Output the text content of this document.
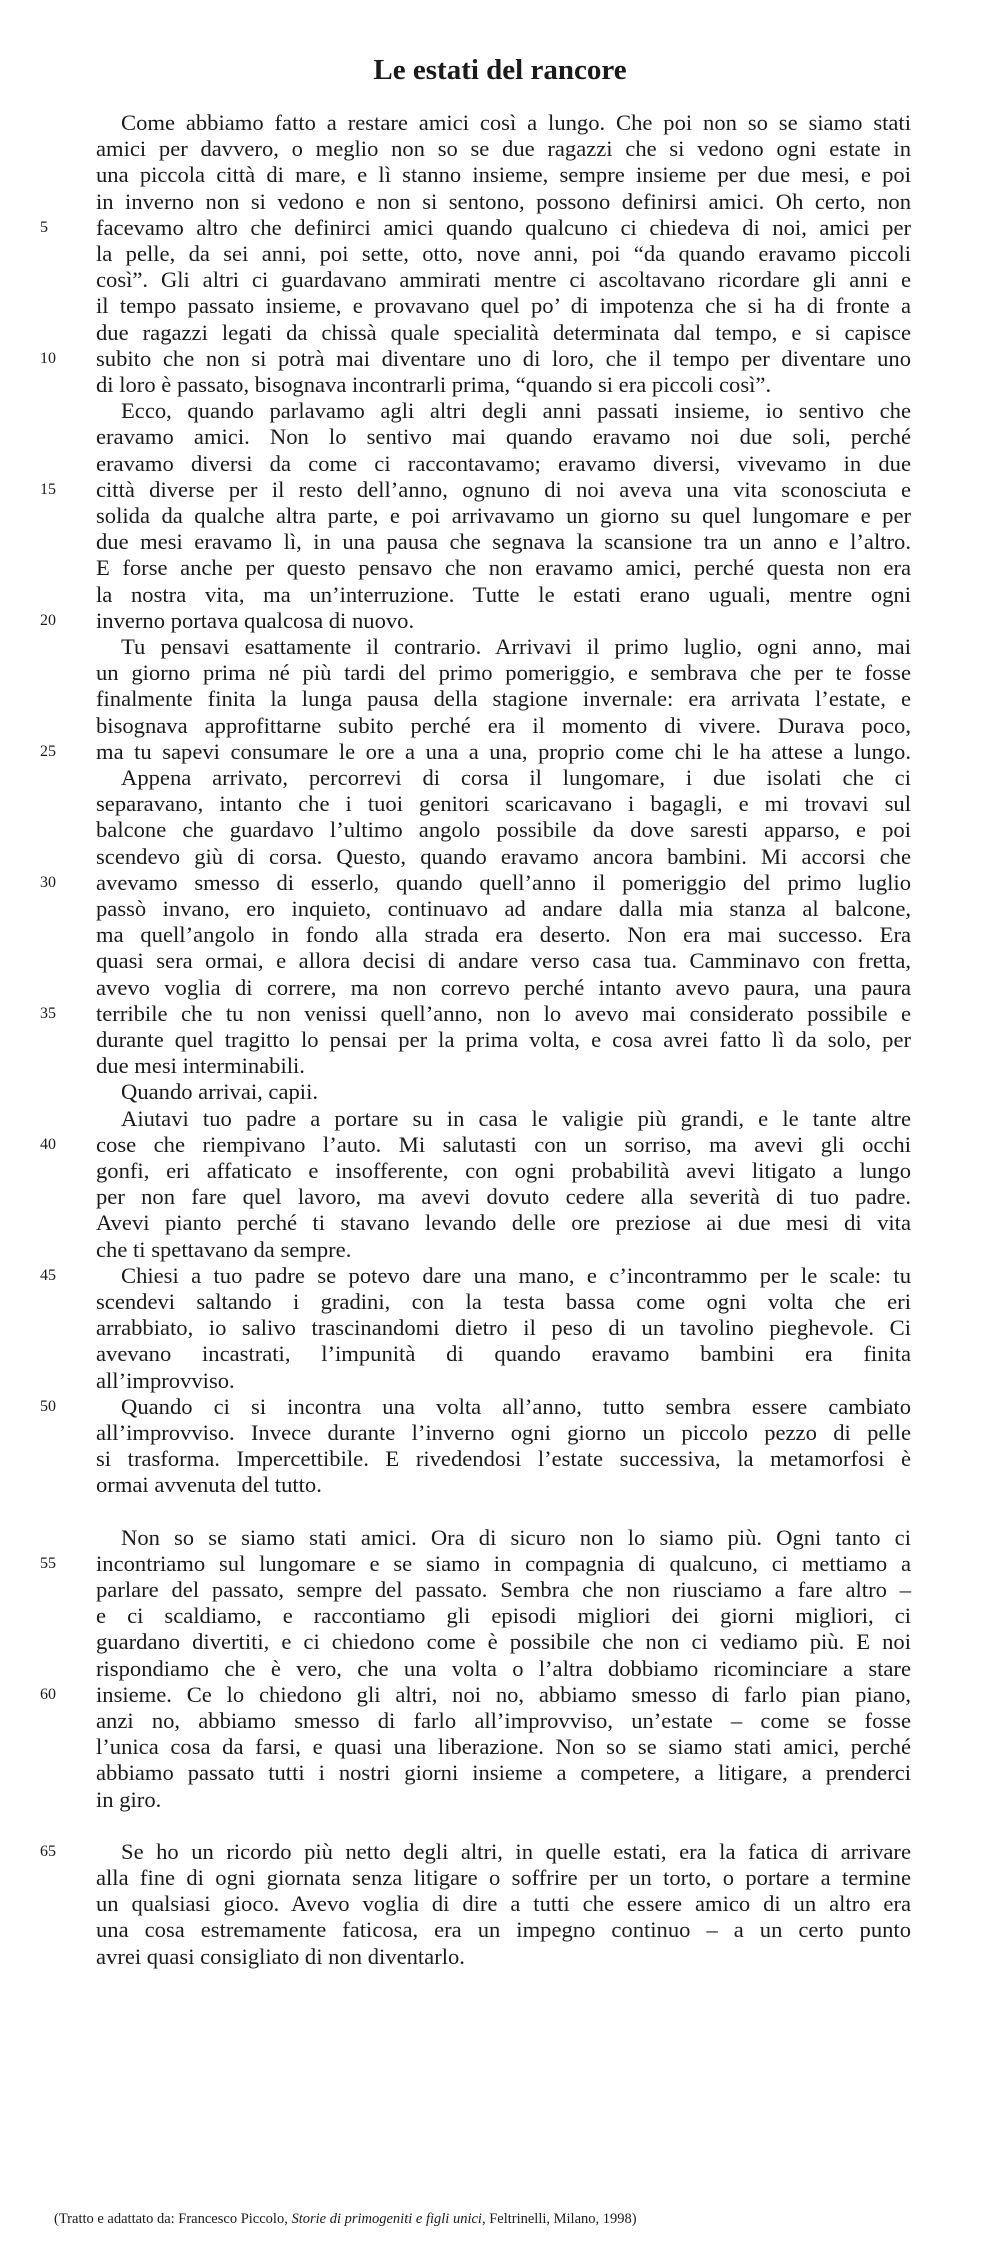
Le estati del rancore
Come abbiamo fatto a restare amici così a lungo. Che poi non so se siamo stati
amici per davvero, o meglio non so se due ragazzi che si vedono ogni estate in
una piccola città di mare, e lì stanno insieme, sempre insieme per due mesi, e poi
in inverno non si vedono e non si sentono, possono definirsi amici. Oh certo, non
facevamo altro che definirci amici quando qualcuno ci chiedeva di noi, amici per
5
la pelle, da sei anni, poi sette, otto, nove anni, poi “da quando eravamo piccoli
così”. Gli altri ci guardavano ammirati mentre ci ascoltavano ricordare gli anni e
il tempo passato insieme, e provavano quel po’ di impotenza che si ha di fronte a
due ragazzi legati da chissà quale specialità determinata dal tempo, e si capisce
subito che non si potrà mai diventare uno di loro, che il tempo per diventare uno
10
di loro è passato, bisognava incontrarli prima, “quando si era piccoli così”.
Ecco, quando parlavamo agli altri degli anni passati insieme, io sentivo che
eravamo amici. Non lo sentivo mai quando eravamo noi due soli, perché
eravamo diversi da come ci raccontavamo; eravamo diversi, vivevamo in due
città diverse per il resto dell’anno, ognuno di noi aveva una vita sconosciuta e
15
solida da qualche altra parte, e poi arrivavamo un giorno su quel lungomare e per
due mesi eravamo lì, in una pausa che segnava la scansione tra un anno e l’altro.
E forse anche per questo pensavo che non eravamo amici, perché questa non era
la nostra vita, ma un’interruzione. Tutte le estati erano uguali, mentre ogni
inverno portava qualcosa di nuovo.
20
Tu pensavi esattamente il contrario. Arrivavi il primo luglio, ogni anno, mai
un giorno prima né più tardi del primo pomeriggio, e sembrava che per te fosse
finalmente finita la lunga pausa della stagione invernale: era arrivata l’estate, e
bisognava approfittarne subito perché era il momento di vivere. Durava poco,
ma tu sapevi consumare le ore a una a una, proprio come chi le ha attese a lungo.
25
Appena arrivato, percorrevi di corsa il lungomare, i due isolati che ci
separavano, intanto che i tuoi genitori scaricavano i bagagli, e mi trovavi sul
balcone che guardavo l’ultimo angolo possibile da dove saresti apparso, e poi
scendevo giù di corsa. Questo, quando eravamo ancora bambini. Mi accorsi che
avevamo smesso di esserlo, quando quell’anno il pomeriggio del primo luglio
30
passò invano, ero inquieto, continuavo ad andare dalla mia stanza al balcone,
ma quell’angolo in fondo alla strada era deserto. Non era mai successo. Era
quasi sera ormai, e allora decisi di andare verso casa tua. Camminavo con fretta,
avevo voglia di correre, ma non correvo perché intanto avevo paura, una paura
terribile che tu non venissi quell’anno, non lo avevo mai considerato possibile e
35
durante quel tragitto lo pensai per la prima volta, e cosa avrei fatto lì da solo, per
due mesi interminabili.
Quando arrivai, capii.
Aiutavi tuo padre a portare su in casa le valigie più grandi, e le tante altre
cose che riempivano l’auto. Mi salutasti con un sorriso, ma avevi gli occhi
40
gonfi, eri affaticato e insofferente, con ogni probabilità avevi litigato a lungo
per non fare quel lavoro, ma avevi dovuto cedere alla severità di tuo padre.
Avevi pianto perché ti stavano levando delle ore preziose ai due mesi di vita
che ti spettavano da sempre.
Chiesi a tuo padre se potevo dare una mano, e c’incontrammo per le scale: tu
45
scendevi saltando i gradini, con la testa bassa come ogni volta che eri
arrabbiato, io salivo trascinandomi dietro il peso di un tavolino pieghevole. Ci
avevano incastrati, l’impunità di quando eravamo bambini era finita
all’improvviso.
Quando ci si incontra una volta all’anno, tutto sembra essere cambiato
50
all’improvviso. Invece durante l’inverno ogni giorno un piccolo pezzo di pelle
si trasforma. Impercettibile. E rivedendosi l’estate successiva, la metamorfosi è
ormai avvenuta del tutto.
Non so se siamo stati amici. Ora di sicuro non lo siamo più. Ogni tanto ci
incontriamo sul lungomare e se siamo in compagnia di qualcuno, ci mettiamo a
55
parlare del passato, sempre del passato. Sembra che non riusciamo a fare altro –
e ci scaldiamo, e raccontiamo gli episodi migliori dei giorni migliori, ci
guardano divertiti, e ci chiedono come è possibile che non ci vediamo più. E noi
rispondiamo che è vero, che una volta o l’altra dobbiamo ricominciare a stare
insieme. Ce lo chiedono gli altri, noi no, abbiamo smesso di farlo pian piano,
60
anzi no, abbiamo smesso di farlo all’improvviso, un’estate – come se fosse
l’unica cosa da farsi, e quasi una liberazione. Non so se siamo stati amici, perché
abbiamo passato tutti i nostri giorni insieme a competere, a litigare, a prenderci
in giro.
Se ho un ricordo più netto degli altri, in quelle estati, era la fatica di arrivare
65
alla fine di ogni giornata senza litigare o soffrire per un torto, o portare a termine
un qualsiasi gioco. Avevo voglia di dire a tutti che essere amico di un altro era
una cosa estremamente faticosa, era un impegno continuo – a un certo punto
avrei quasi consigliato di non diventarlo.
(Tratto e adattato da: Francesco Piccolo, Storie di primogeniti e figli unici, Feltrinelli, Milano, 1998)
